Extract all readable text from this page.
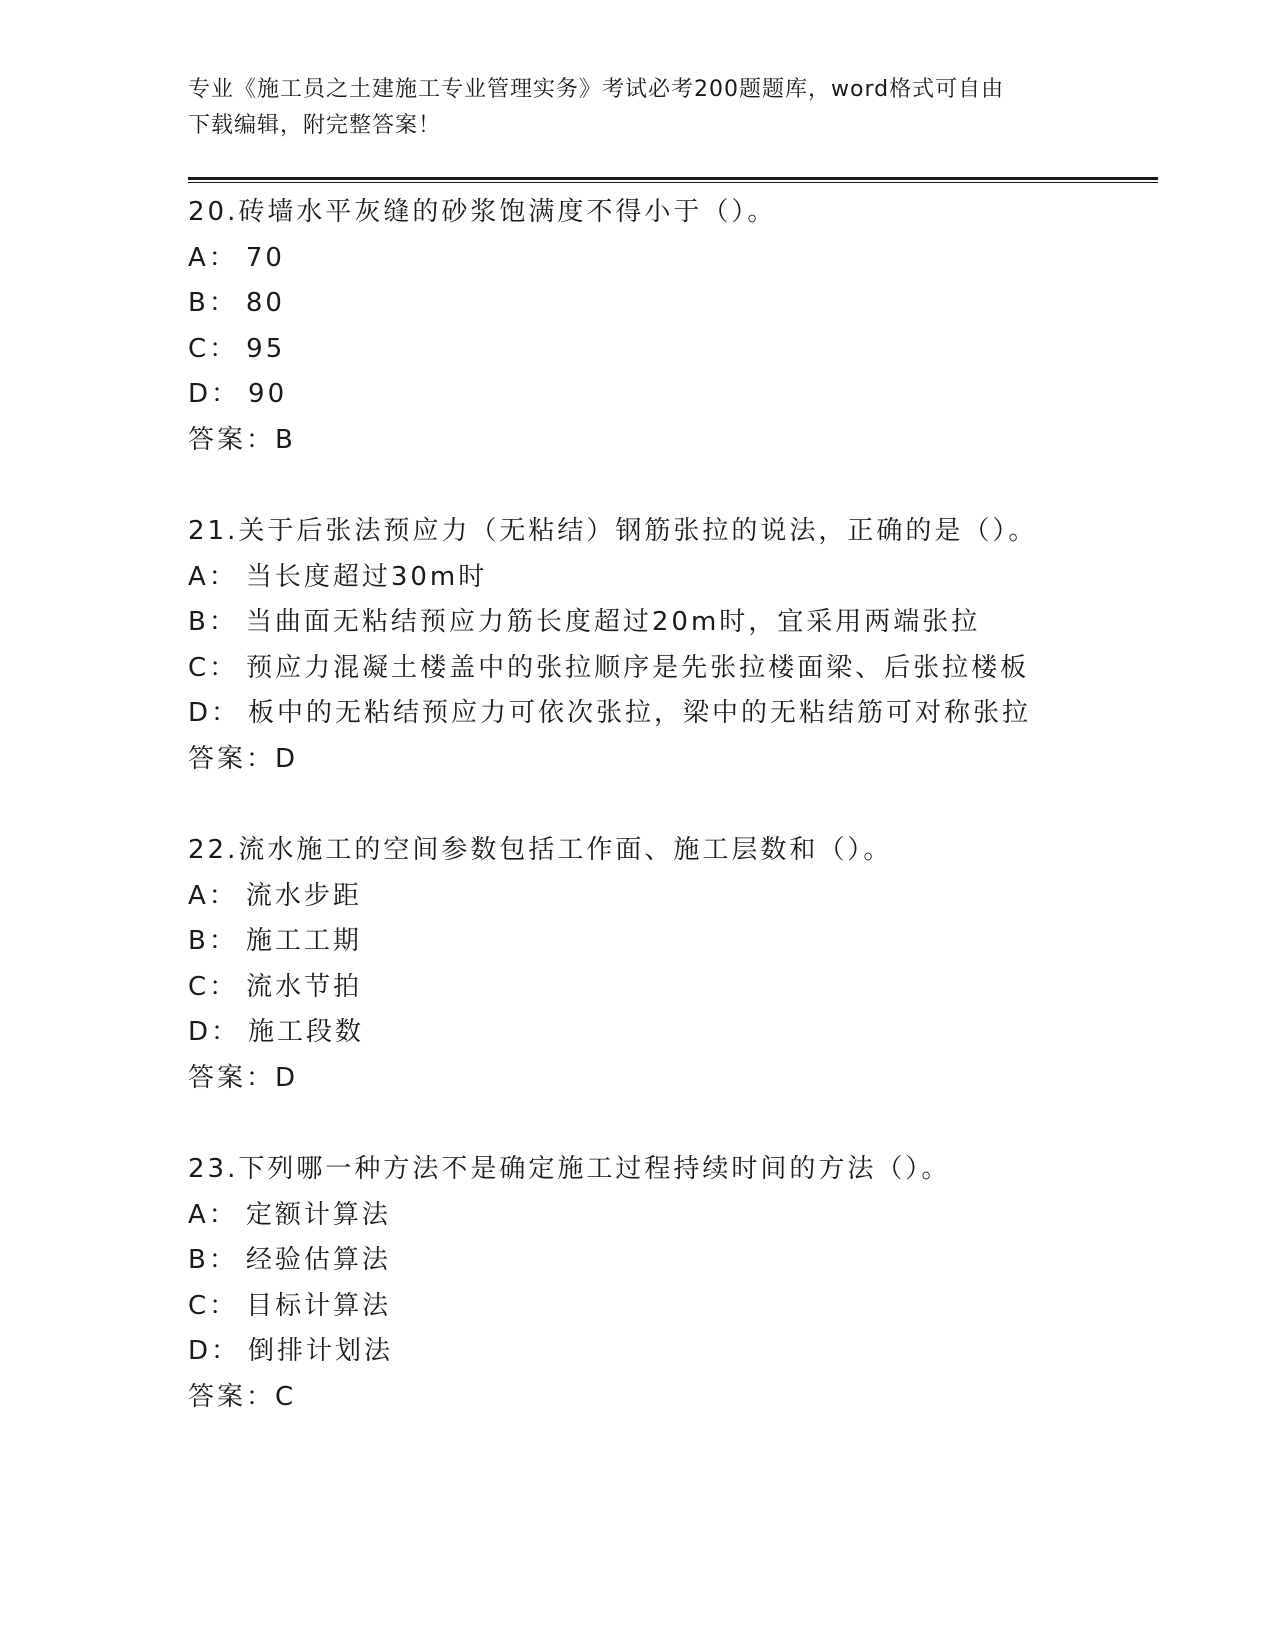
专业《施工员之土建施工专业管理实务》考试必考200题题库，word格式可自由
下载编辑，附完整答案！
20.砖墙水平灰缝的砂浆饱满度不得小于（）。
A： 70
B： 80
C： 95
D： 90
答案：B
21.关于后张法预应力（无粘结）钢筋张拉的说法，正确的是（）。
A： 当长度超过30m时
B： 当曲面无粘结预应力筋长度超过20m时，宜采用两端张拉
C： 预应力混凝土楼盖中的张拉顺序是先张拉楼面梁、后张拉楼板
D： 板中的无粘结预应力可依次张拉，梁中的无粘结筋可对称张拉
答案：D
22.流水施工的空间参数包括工作面、施工层数和（）。
A： 流水步距
B： 施工工期
C： 流水节拍
D： 施工段数
答案：D
23.下列哪一种方法不是确定施工过程持续时间的方法（）。
A： 定额计算法
B： 经验估算法
C： 目标计算法
D： 倒排计划法
答案：C
